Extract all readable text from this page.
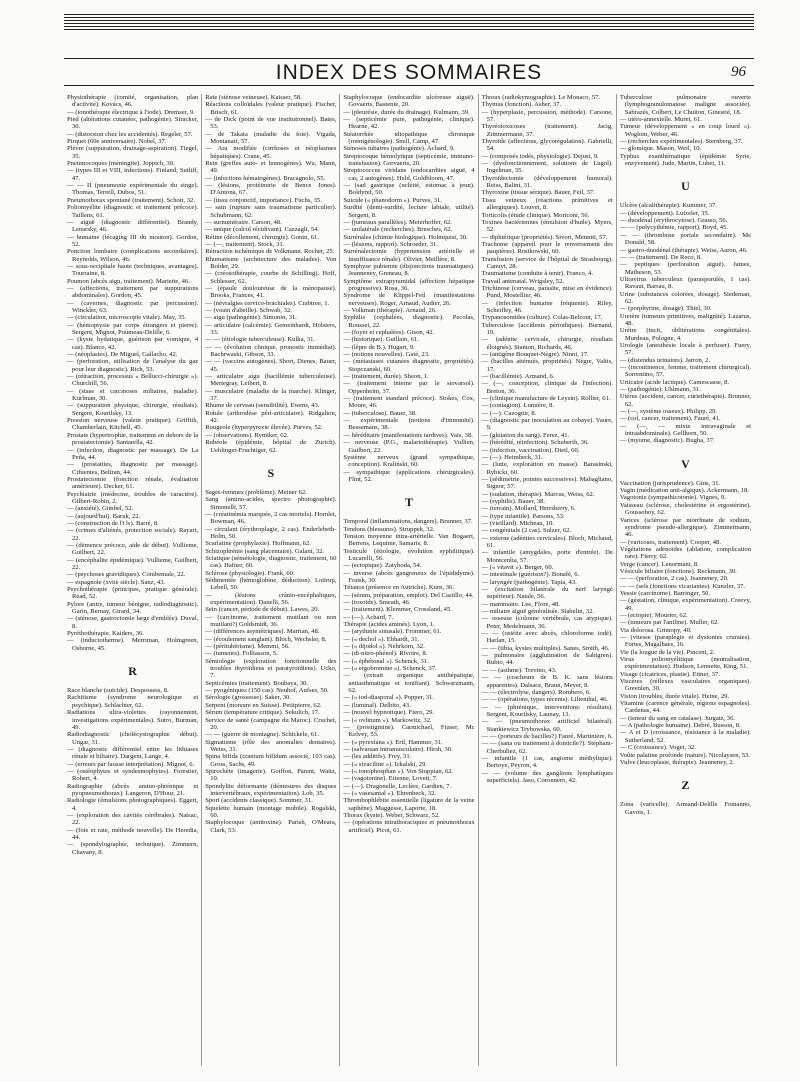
INDEX DES SOMMAIRES	96
Physiothérapie (comité, organisation, plan d'activité). Kovács, 46.
— (ionothérapie électrique à l'iode). Dremser, 9.
Pied (altérations cutanées, pathogénie). Stracker, 30.
— (distorsion chez les accidentés). Regeler, 57.
Pirquet (60e anniversaire). Nobel, 37.
Plèvre (suppuration, drainage-aspiration). Tiegel, 35.
Pneumocoques (méningite). Joppich, 30.
— (types III et VIII, infections). Finland, Sutliff, 47.
— — II (pneumonie expérimentale du singe). Thomas, Terrell, Dubos, 51.
Pneumothorax spontané (traitement). Schott, 32.
Poliomyélite (diagnostic et traitement précoce). Taillens, 61.
— aiguë (diagnostic différentiel). Brandy, Lenarsky, 46.
— humaine (lécaging III du mouton). Gordon, 52.
Ponction lombaire (complications secondaires). Reynolds, Wilson, 46.
— sous-occipitale haute (techniques, avantages). Tourraine, 8.
Poumon (abcès aigu, traitement). Mariette, 46.
— (affections, traitement par suppurations abdominales). Gordon, 45.
— (cavernes, diagnostic par percussion). Winckler, 63.
— (circulation, microscopie vitale). May, 35.
— (hémoptysie par corps étrangers et pierre). Sergent, Mignot, Poumeau-Delille, 6.
— (kyste hydatique, guérison par vomique, 4 cas). Blanco, 42.
— (néoplasies). De Miguel, Gallacho, 42.
— (perforation, utilisation de l'analyse du gaz pour leur diagnostic). Rich, 53.
— (rétraction, processus « Bellucci-chirurgie »). Churchill, 56.
— (stase et carcinoses miliaires, maladie). Kurlman, 30.
— (suppuration physique, chirurgie, résultats). Sergent, Kourilsky, 13.
Pression nerveuse (valeur pratique). Griffith, Chamberlain, Kitchell, 45.
Prostate (hypertrophie, traitement en dehors de la prostatectomie). Santarella, 42.
— (infection, diagnostic par massage). De La Peña, 44.
— (prostatites, diagnostic par massage). Cifuentes, Beltran, 44.
Prostatectomie (fonction rénale, évaluation antérieure). Decker, 61.
Psychiatrie (médecine, troubles de caractère). Gilbert-Robin, 2.
— (anxiété). Gimbel, 52.
— (aujourd'hui). Baruk, 22.
— (construction de l'i ls). Barré, 8.
— (crimes d'aliénés, protection sociale). Rayart, 22.
— (démence précoce, aide de début). Vullieme, Guilbert, 22.
— (encéphalite épidémique). Vullieme, Guilbert, 22.
— (psychoses gravidiques). Combemale, 22.
— espagnole (xviie siècle). Sanz, 43.
Psychothérapie (principes, pratique générale). Read, 52.
Pylore (antre, tumeur bénigne, radiodiagnostic). Garin, Bernay, Girard, 34.
— (sténose, gastroctomie large d'emblée). Duval, 8.
Pyréthothérapie. Kaiders, 36.
— (inductotherme). Merriman, Holmgreen, Osborne, 45.
R
Race blanche (suicide). Despossess, 8.
Rachitisme (syndrome neurologique et psychique). Schlachter, 62.
Radiations ultra-violettes (rayonnement, investigations expérimentales). Sutro, Burman, 49.
Radiodiagnostic (cholécystographie début). Ungar, 31.
— (diagnostic différentiel entre les lithiases rénale et biliaire). Dargent, Lange, 4.
— (erreurs par fausse interprétation). Mignot, 6.
— (ostéophytes et syndesmophytes). Forestier, Robert, 4.
Radiographie (abcès amino-phrénique et pyopneumothorax). Langeron, D'Hour, 21.
Radiologie (émulsions photographiques). Eggert, 4.
— (exploration des cavités cérébrales). Natsac, 22.
— (foie et rate, méthode nouvelle). De Heredia, 44.
— (spondylographie, technique). Zimmern, Chavany, 8.
Rate (sténose veineuse). Kaisser, 58.
Réactions colloïdales (valeur pratique). Fischer, Brisch, 61.
— de Dick (point de vue institutionnel). Bates, 53.
— de Takata (maladie du foie). Vigada, Montanari, 57.
— Ara modifiée (cirrhoses et néoplasmes hépatiques). Crane, 45.
Rein (greffes auto- et homogènes). Wu, Mann, 49.
— (infections hématogènes). Bracagnolo, 55.
— (lésions, protéinurie de Bence Jones). D'Antona, 67.
— (tissu conjonctif, importance). Fuchs, 35.
— sain (rupture sans traumatisme particulier). Schubmann, 62.
— surnuméraire. Carson, 48.
— unique (calcul récidivant). Cazzagli, 54.
Rétine (décollement, chirurgie). Gonin, 61.
— (—, traitement). Stock, 31.
Rétraction ischémique de Volkmann. Rocher, 25.
Rhumatisme (architecture des malades). Von Bolder, 29.
— (créosothérapie, courbe de Schilling). Hoff, Schlesser, 62.
— (épaule douloureuse de la ménopause). Brooks, Frances, 41.
— (névralgies cervico-brachiales). Crabtree, 1.
— (voain d'abeille). Schwab, 32.
— aigu (pathogénie). Simonin, 31.
— articulaire (calcémie). Gemeinhardt, Holsters, 33.
— — (étiologie tuberculeuse). Kulka, 31.
— — (évolution clinique, pronostic immédiat). Bachrwaski, Gibson, 33.
— — (vaccins autogènes). Short, Dienes, Bauer, 45.
— articulaire aigu (bacillémie tuberculeuse). Mertegray, Leibert, 8.
— musculaire (maladie de la marche). Klinger, 37.
Rhume de cerveau (sensibilité). Ewens, 43.
Rotule (arthrodèse péri-articulaire). Ridgalton, 42.
Rougeole (hyperpyrexie élevée). Purves, 52.
— (observations). Rymiker, 62.
Rubéole (épidémie, hôpital de Zurich). Uehlinger-Fruchtiger, 62.
S
Sages-femmes (problème). Meiner 62.
Sang (amino-acides, spectro photographie). Simonelli, 57.
— (créatinémia marquée, 2 cas mortels). Hornlet, Bowman, 46.
— circulant (érythroplagie, 2 cas). Enderlebeth-Holm, 50.
Scarlatine (prophylaxie). Hoffmann, 62.
Schizophrénie (sang placentaire). Galant, 32.
Sciatique (séméiologie, diagnostic, traitement, 60 cas). Hafner, 60.
Sclérose (physiologie). Frank, 60.
Sédimentée (hémoglobine, déduction). Lottrup, Lebell, 50.
— (lésions crânio-encéphaliques, expérimentation). Danelli, 56.
Sein (cancer, période de début). Lawes, 20.
— (carcinome, traitement mutilant ou non mutilant?) Goldsmidt, 36.
— (différences asymétriques). Marrian, 48.
— (écoulement sanglant). Bloch, Wechsler, 8.
— (péritubérisme). Memmi, 56.
— (tumeurs). Folliasson, 5.
Sémiologie (exploration fonctionnelle des troubles thyroïdiens et paratyroïdiens). Ucko, 7.
Septicémies (traitement). Boubaya, 30.
— pyogéniques (150 cas). Neuhof, Aufses, 50.
Sérologie (grossesse). Saker, 30.
Serpent (morsure en Suisse). Petitpierre, 62.
Sérum (température critique). Sekulich, 17.
Service de santé (campagne du Maroc). Cruchet, 20.
— — (guerre de montagne). Schickele, 61.
Sigmatisme (rôle des anomalies dentaires). Weiss, 31.
Spina bifida (cranium bifidum associé, 103 cas). Gross, Sachs, 49.
Spirochète (imagerie). Goiffon, Parent, Waitz, 10.
Spondylite déformante (démesures des disques intervertébraux, expérimentation). Lob, 35.
Sport (accidents classique). Sommer, 31.
Squelette humain (montage mobile). Rogalski, 60.
Staphylocoque (antitoxine). Parish, O'Meara, Clark, 53.
Staphylocoque (endocardite ulcéreuse aiguë). Govaerts, Bastenie, 20.
— (pleurésie, durée du drainage). Kulmann, 39.
— (septicémie pure, pathogénie, clinique). Hearne, 42.
Stéatorrhée idiopathique chronique (roentgénologie). Snell, Camp, 47.
Sténoses tubaires (pathogénie). Achard, 9.
Streptocoque hémolytique (septicémie, immuno-transfusion). Gorvaerts, 20.
Streptococcus viridans (endocardites aiguë, 4 cas, 2 autogènes). Held, Goldbloom, 47.
— (sad gastrique (ucléité, estomac à jeun). Boldyref, 50.
Suicide (« phanodorm »). Purves, 31.
Surdité (demi-surdité, lecture labiale, utilité). Sergent, 8.
— (jumeaux parallèles). Meierhoffer, 62.
— unilatérale (recherches). Bresches, 62.
Surrénales (chimie biologique). Holmquist, 30.
— (lésions, rapport). Schroeder, 31.
Surrénalectomie (hypertension artérielle et insuffisance rénale). Olivier, Meillère, 8.
Symphyse pubienne (disjonctions traumatiques). Jeanneney, Greneau, 8.
Symptôme extrapyramidal (affection hépatique progressive). Rosa, 36.
Syndrome de Klippel-Feil (manifestations nerveuses). Roger, Arnaud, Audier, 26.
— Volkman (thérapie). Arnaud, 26.
Syphilis (cephalées, diagnostic). Pecolas, Rousset, 22.
— (foyer et cephalées). Gison, 42.
— (historique). Guillain, 61.
— (lèpre de B.). Hugart, 9.
— (notions nouvelles). Gaté, 23.
— (métastases cutanées diagnostic, propriétés). Stopczanski, 60.
— (traitement, durée). Sheon, 1.
— (traitement interne par le stovarsol). Oppenheim, 37.
— (traitement standard précoce). Stokes, Cox, Moore, 46.
— (tuberculose). Bauer, 38.
— expérimentale (notions d'immunité). Bessemans, 38.
— héréditaire (manifestations tardives). Vais, 38.
— nerveuse (P.G., malariothérapie). Vullien, Guilbert, 22.
Système nerveux (grand sympathique, conception). Kraliński, 60.
— sympathique (applications chirurgicales). Flint, 52.
T
Temporal (inflammations, dangers). Brunner, 37.
Tendons (blessures). Struppek, 32.
Tension moyenne intra-artérielle. Van Bogaert, Berrens, Lequime, Samaris, 8.
Testicule (étiologie, évolution syphilitique). Lucarelli, 56.
— (ectopique). Zatyhoda, 54.
— inverse (abcès gangreneux de l'épididyme). Fraisk, 30.
Tétanos (présence en Autriche). Kurn, 36.
— (sérum, préparation, emploi). Del Castillo, 44.
— (toxoïde). Smeath, 46.
— (traitement). Klemmer, Crossland, 45.
— (—). Achard, 7.
Thérapie (acides aminés). Lyon, 1.
— (arythmie sinusale). Frommer, 61.
— (« dechol »). Ebhardt, 31.
— (« dijodol »). Nehrkorn, 32.
— (di-nitro-phénol). Rivoire, 8.
— (« éphétonal »). Schenck, 31.
— (« ergobromine »). Schenck, 37.
— (extrait organique antihépatique, antiasthmatique et tonifiant). Schwarzmann, 62.
— (« iod-diasporal »). Popper, 31.
— (luminal). Delbito, 43.
— (nouvel hypnotique). Fiero, 29.
— (« ovlinum »). Markowitz, 32.
— (prostigmine). Carmichael, Fraser, Mc Kelvey, 53.
— (« pyrexiana »). Ertl, Hammer, 31.
— (salvarsan intramusculaire). Hirsh, 30.
— (les additifs). Frey, 31.
— (« sivaciline »). Ickalski, 29.
— (« tonophosphan »). Von Stuppian, 62.
— (vagotonine). Etienne, Lovett, 7.
— (—). Dragonelle, Leclère, Gardien, 7.
— (« vasesantal »). Ehrenbeck, 32.
Thrombophlébite essentielle (ligature de la veine saphène). Maggesse, Laporte, 18.
Thorax (kyste). Weber, Schwarz, 52.
— (opérations intrathoraciques et pneumothorax artificiel). Picot, 61.
Thorax (radiokymographie). Le Monaco, 57.
Thymus (fonction). Asher, 37.
— (hyperplasie, percussion, méthode). Carsone, 57.
Thyréotoxicoses (traitement). Jacig, Zimmermann, 37.
Thyroïde (affections, glycorégulation). Gabrielli, 54.
— (composés iodés, physiologie). Dejust, 9.
— (dysfonctionnement, solutions de Lugol). Ingelman, 35.
Thyroïdectomie (développement humoral). Reiss, Balint, 31.
Thyroxine (tissue sérique). Bauer, Feil, 37.
Tissu veineux (réactions primitives et allergiques). Louvet, 8.
Torticolis (étude clinique). Moriconi, 56.
Toxines bactériennes (émulsion d'huile). Myers, 52.
— diphtérique (propriétés). Sivori, Menniti, 57.
Trachome (appareil pour le renversement des paupières). Rostkowski, 60.
Transfusion (service de l'hôpital de Strasbourg). Canuyt, 28.
Traumatisme (conduite à tenir). Franco, 4.
Travail antenatal. Wrigsley, 52.
Trichinose (cerveau, parasite, mise en évidence). Pund, Mostellier, 46.
— (infection humaine fréquente). Riley, Scheifley, 46.
Trypanosomides (culture). Colas-Belcour, 17.
Tuberculose (accidents périodiques). Burnand, 19.
— (adénite cervicale, chirurgie, résultats éloignés). Stanton, Richards, 46.
— (antigène Bouquet-Nègre). Ninni, 17.
— (bacilles atténués, propriétés). Nègre, Valtis, 17.
— (bacillémie). Armand, 6.
— (—, conception, clinique de l'infection). Breton, 36.
— (clinique manufacture de Leysin). Rollier, 61.
— (contagion). Lumière, 8.
— (—). Cazoguir, 8.
— (diagnostic par inoculation au cobaye). Vaure, 9.
— (glutation du sang). Ferez, 41.
— (hérédité, réinfection). Schuberth, 36.
— (infection, vaccination). Dietl, 60.
— (—). Heimbeck, 31.
— (lutte, exploration en masse). Barasinski, Rybicki, 60.
— (sédimétrie, pointes successives). Mabagliano, Signor, 57.
— (sudation, thérapie). Marcus, Weiss, 62.
— (syphilis). Bauer, 38.
— (terrain). Mollard, Herrsberry, 6.
— (type infantile). Parsons, 53.
— (vieillard). Micheau, 10.
— congénitale (2 cas). Sulzer, 62.
— externe (adénites cervicales). Bloch, Michaud, 61.
— infantile (amygdales, porte d'entrée). De Montcenlia, 57.
— (« vitavit »). Berger, 60.
— intestinale (guérison?). Bonafé, 6.
— laryngée (pathogénie). Tapia, 43.
— (excitation bilatérale du nerf laryngé supérieur). Natale, 56.
— mammaire. Lee, Flore, 48.
— miliaire aiguë généralisée. Stahelin, 32.
— osseuse (colonne vertébrale, cas atypique). Peter, Medelmann, 36.
— — (ostéite avec abcès, chloroforme iodé). Harlan, 15.
— — (tibia, kystes multiples). Sanes, Smith, 46.
— pulmonaire (agglutination de Sabigren). Rubio, 44.
— — (asthme). Trevino, 43.
— — (cracheurs de B. K. sans lésions apparentes). Dalsace, Braun, Meyer, 8.
— — (électrolyse, dangers). Rombero, 6.
— — (opérations, types récents). Lilienthal, 46.
— — (phrénique, interventions: résultats). Sergent, Kourilsky, Launay, 13.
— — (pneumothorax artificiel bilatéral). Stankiewicz Trybowska, 60.
— — (porteurs de bacilles?) Fauré, Martinière, 6.
— — (sana ou traitement à domicile?). Stéphani-Cherbuliez, 62.
— infantile (1 cas, angiome méthylique). Bertoye, Peyron, 4.
— — (volume des ganglions lymphatiques superficiels). Jaso, Coronnero, 42.
Tuberculose pulmonaire ouverte (lymphogranulomatose maligne associée). Sabrazès, Colbert, Le Chuiton, Ginestié, 18.
— utéro-annexielle. Muret, 61.
Tumeur (développement « en coup lourd »). Woglom, Weber, 46.
— (recherches expérimentales). Sternberg, 37.
— glomique. Mason, Weil, 10.
Typhus exanthématique (épidémie Syrie, enzyvement). Jude, Martin, Lubet, 11.
U
Ulcère (alcalithérapie). Kummer, 37.
— (développement). Lutzeler, 35.
— duodénal (érythrocytose). Grasso, 56.
— — (polycythémie, rapport). Boyd, 45.
— — (thrombose portale secondaire). Mc Donald, 58.
— gastro-duodénal (thérapie). Weiss, Aaron, 46.
— — (traitement). De Reco, 8.
— peptiques (perforation aiguë). James, Matheson, 53.
Ultravirus tuberculeux (parasporulés, 1 cas). Ravaut, Barrau, 8.
Urine (substances colorées, dosage). Siedeman, 62.
— (porphyrine, dosage). Thiel, 30.
Uretère (tumeurs primitives, malignité). Lazarus, 48.
Urètre (incit, oblitérations congénitales). Murdeau, Pologne, 4.
Urologie (anesthésie locale à perfuser). Fuery, 57.
— (distendus urinaires). Jarron, 2.
— (incontinence, femme, traitement chirurgical). Sorrentino, 57.
Urticaire (acide lactique). Camescasse, 8.
— (pathogénie). Uhlmann, 31.
Utérus (accident, cancer, curiethérapie). Brunner, 62.
— (—, système osseux). Philipp, 29.
— (col, cancer, traitement). Fauré, 41.
— (—, — mixte intravaginale et intraabdominale). Gellhorn, 50.
— (myome, diagnostic). Bugha, 37.
V
Vaccination (jurisprudence). Gins, 31.
Vagin (médication anti-algique). Ackermann, 18.
Vagotonie (sympathicotonie). Vignes, 9.
Vaisseau (sclérose, cholestérine et ergostérine). Goussoboy, 62.
Varices (sclérose par morrhuate de sodium, syndrome pseudo-allergique). Zimmermann, 46.
— (varicoses, traitement). Cooper, 48.
Végétations adénoïdes (ablation, complication rare). Fierry, 62.
Verge (cancer). Lenormant, 8.
Vésicule biliaire (fonctions). Reckmann, 30.
— — (perforation, 2 cas). Jeanneney, 20.
— — (sels (fonctions vicariantes). Kunzler, 37.
Vessie (carcinome). Barringer, 50.
— (géstation, clinique, expérimentation). Creevy, 49.
— (ectopie). Mourier, 62.
— (tumeurs par l'aniline). Muller, 62.
Via dolorosa. Grimopy, 40.
— (vitesse (paraplégie et dystonies cruraies). Fortes, Magalhaes, 16.
Vie (la lougue de la vie). Pincent, 2.
Virus poliomyélitique (neutralisation, expérimentation). Hudson, Lennette, King, 51.
Visage (cicatrices, plastie). Eitner, 37.
Viscères (réflexes vasculaires organiques). Greenlen, 30.
Vision (troubles, durée vitale). Heine, 29.
Vitamine (carence générale, régions espagnoles). Cardenas, 44.
— (teneur du sang en catalase). Jurgatz, 36.
— A (pathologie humaine). Debré, Busson, 8.
— A et D (croissance, résistance à la maladie). Sutherland, 52.
— C (croissance). Voget, 32.
Voûte palatine profonde (nature). Nicolaysen, 53.
Vulve (leucoplasie, thérapie). Jeanneney, 2.
Z
Zona (varicelle). Armand-Delille Fomanno, Gavois, 1.
